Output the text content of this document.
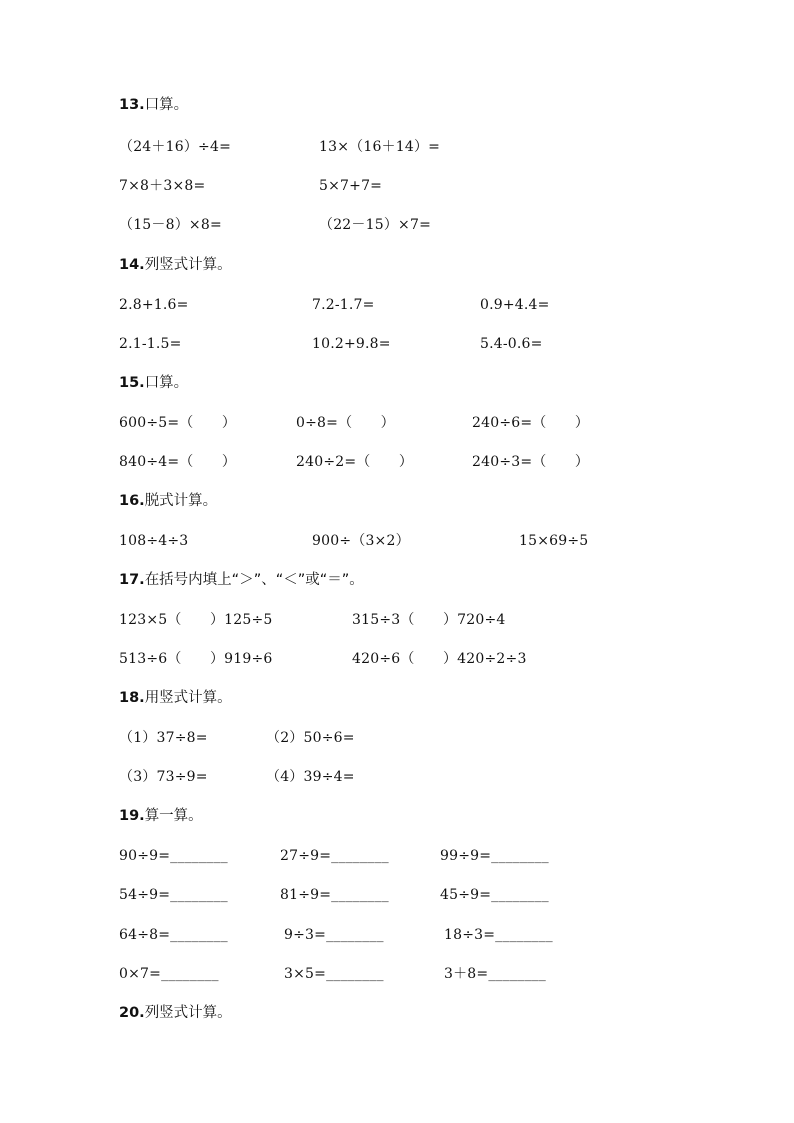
13.口算。
（24＋16）÷4=	13×（16＋14）=
7×8＋3×8=	5×7+7=
（15－8）×8=	（22－15）×7=
14.列竖式计算。
2.8+1.6=	7.2-1.7=	0.9+4.4=
2.1-1.5=	10.2+9.8=	5.4-0.6=
15.口算。
600÷5=（　　）	0÷8=（　　）	240÷6=（　　）
840÷4=（　　）	240÷2=（　　）	240÷3=（　　）
16.脱式计算。
108÷4÷3	900÷（3×2）	15×69÷5
17.在括号内填上“＞”、“＜”或“＝”。
123×5（　　）125÷5	315÷3（　　）720÷4
513÷6（　　）919÷6	420÷6（　　）420÷2÷3
18.用竖式计算。
（1）37÷8=	（2）50÷6=
（3）73÷9=	（4）39÷4=
19.算一算。
90÷9=________	27÷9=________	99÷9=________
54÷9=________	81÷9=________	45÷9=________
64÷8=________	9÷3=________	18÷3=________
0×7=________	3×5=________	3＋8=________
20.列竖式计算。
